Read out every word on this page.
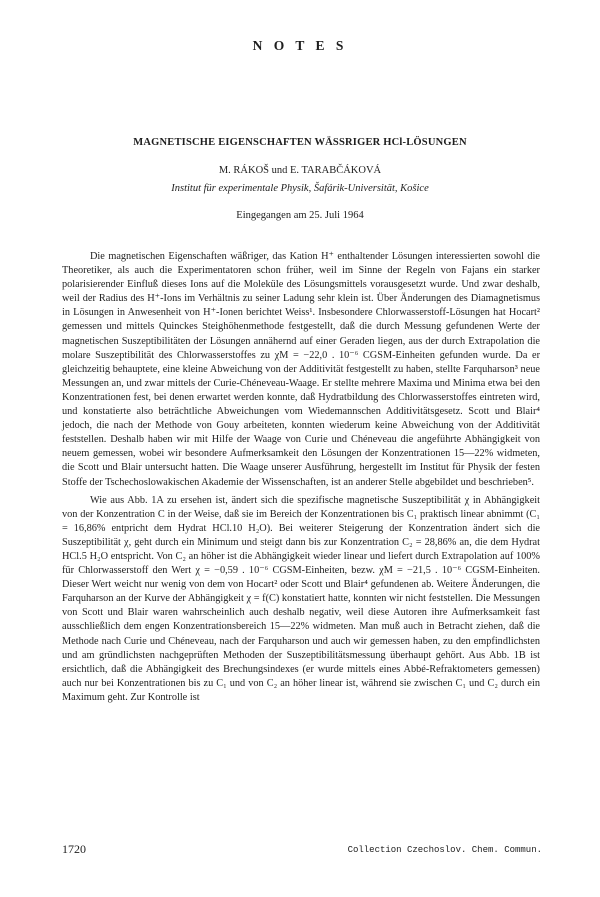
N O T E S
MAGNETISCHE EIGENSCHAFTEN WÄSSRIGER HCl-LÖSUNGEN
M. RÁKOŠ und E. TARABČÁKOVÁ
Institut für experimentale Physik, Šafárik-Universität, Košice
Eingegangen am 25. Juli 1964

Die magnetischen Eigenschaften wäßriger, das Kation H⁺ enthaltender Lösungen interessierten sowohl die Theoretiker, als auch die Experimentatoren schon früher, weil im Sinne der Regeln von Fajans ein starker polarisierender Einfluß dieses Ions auf die Moleküle des Lösungsmittels vorausgesetzt wurde. Und zwar deshalb, weil der Radius des H⁺-Ions im Verhältnis zu seiner Ladung sehr klein ist. Über Änderungen des Diamagnetismus in Lösungen in Anwesenheit von H⁺-Ionen berichtet Weiss¹. Insbesondere Chlorwasserstoff-Lösungen hat Hocart² gemessen und mittels Quinckes Steighöhenmethode festgestellt, daß die durch Messung gefundenen Werte der magnetischen Suszeptibilitäten der Lösungen annähernd auf einer Geraden liegen, aus der durch Extrapolation die molare Suszeptibilität des Chlorwasserstoffes zu χM = −22,0 . 10⁻⁶ CGSM-Einheiten gefunden wurde. Da er gleichzeitig behauptete, eine kleine Abweichung von der Additivität festgestellt zu haben, stellte Farquharson³ neue Messungen an, und zwar mittels der Curie-Chéneveau-Waage. Er stellte mehrere Maxima und Minima etwa bei den Konzentrationen fest, bei denen erwartet werden konnte, daß Hydratbildung des Chlorwasserstoffes eintreten wird, und konstatierte also beträchtliche Abweichungen vom Wiedemannschen Additivitätsgesetz. Scott und Blair⁴ jedoch, die nach der Methode von Gouy arbeiteten, konnten wiederum keine Abweichung von der Additivität feststellen. Deshalb haben wir mit Hilfe der Waage von Curie und Chéneveau die angeführte Abhängigkeit von neuem gemessen, wobei wir besondere Aufmerksamkeit den Lösungen der Konzentrationen 15—22% widmeten, die Scott und Blair untersucht hatten. Die Waage unserer Ausführung, hergestellt im Institut für Physik der festen Stoffe der Tschechoslowakischen Akademie der Wissenschaften, ist an anderer Stelle abgebildet und beschrieben⁵.

Wie aus Abb. 1A zu ersehen ist, ändert sich die spezifische magnetische Suszeptibilität χ in Abhängigkeit von der Konzentration C in der Weise, daß sie im Bereich der Konzentrationen bis C₁ praktisch linear abnimmt (C₁ = 16,86% entpricht dem Hydrat HCl.10 H₂O). Bei weiterer Steigerung der Konzentration ändert sich die Suszeptibilität χ, geht durch ein Minimum und steigt dann bis zur Konzentration C₂ = 28,86% an, die dem Hydrat HCl.5 H₂O entspricht. Von C₂ an höher ist die Abhängigkeit wieder linear und liefert durch Extrapolation auf 100% für Chlorwasserstoff den Wert χ = −0,59 . 10⁻⁶ CGSM-Einheiten, bezw. χM = −21,5 . 10⁻⁶ CGSM-Einheiten. Dieser Wert weicht nur wenig von dem von Hocart² oder Scott und Blair⁴ gefundenen ab. Weitere Änderungen, die Farquharson an der Kurve der Abhängigkeit χ = f(C) konstatiert hatte, konnten wir nicht feststellen. Die Messungen von Scott und Blair waren wahrscheinlich auch deshalb negativ, weil diese Autoren ihre Aufmerksamkeit fast ausschließlich dem engen Konzentrationsbereich 15—22% widmeten. Man muß auch in Betracht ziehen, daß die Methode nach Curie und Chéneveau, nach der Farquharson und auch wir gemessen haben, zu den empfindlichsten und am gründlichsten nachgeprüften Methoden der Suszeptibilitätsmessung überhaupt gehört. Aus Abb. 1B ist ersichtlich, daß die Abhängigkeit des Brechungsindexes (er wurde mittels eines Abbé-Refraktometers gemessen) auch nur bei Konzentrationen bis zu C₁ und von C₂ an höher linear ist, während sie zwischen C₁ und C₂ durch ein Maximum geht. Zur Kontrolle ist

1720	Collection Czechoslov. Chem. Commun.
